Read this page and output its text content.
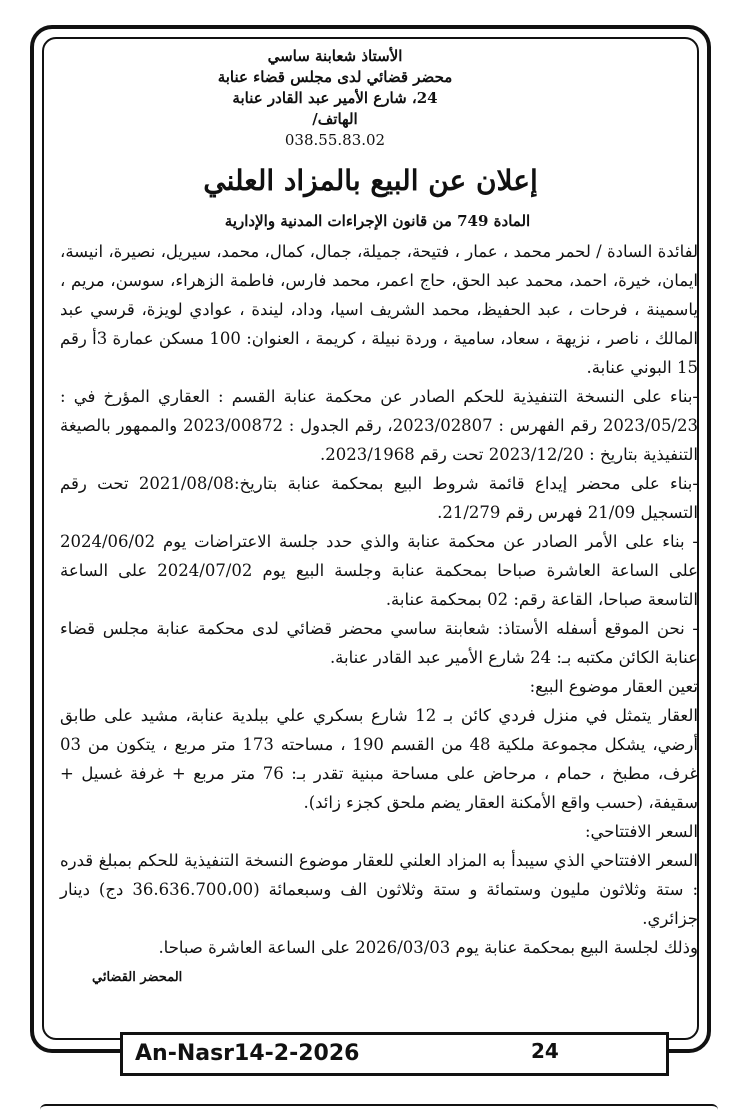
الأستاذ شعابنة ساسي
محضر قضائي لدى مجلس قضاء عنابة
24، شارع الأمير عبد القادر عنابة
الهاتف/
038.55.83.02
إعلان عن البيع بالمزاد العلني
المادة 749 من قانون الإجراءات المدنية والإدارية

لفائدة السادة / لحمر محمد ، عمار ، فتيحة، جميلة، جمال، كمال، محمد، سيريل، نصيرة، انيسة، ايمان، خيرة، احمد، محمد عبد الحق، حاج اعمر، محمد فارس، فاطمة الزهراء، سوسن، مريم ، ياسمينة ، فرحات ، عبد الحفيظ، محمد الشريف اسيا، وداد، ليندة ، عوادي لويزة، قرسي عبد المالك ، ناصر ، نزيهة ، سعاد، سامية ، وردة نبيلة ، كريمة ، العنوان: 100 مسكن عمارة 3أ رقم 15 البوني عنابة.

-بناء على النسخة التنفيذية للحكم الصادر عن محكمة عنابة القسم : العقاري المؤرخ في : 2023/05/23 رقم الفهرس : 2023/02807، رقم الجدول : 2023/00872 والممهور بالصيغة التنفيذية بتاريخ : 2023/12/20 تحت رقم 2023/1968.

-بناء على محضر إيداع قائمة شروط البيع بمحكمة عنابة بتاريخ:2021/08/08 تحت رقم التسجيل 21/09 فهرس رقم 21/279.

- بناء على الأمر الصادر عن محكمة عنابة والذي حدد جلسة الاعتراضات يوم 2024/06/02 على الساعة العاشرة صباحا بمحكمة عنابة وجلسة البيع يوم 2024/07/02 على الساعة التاسعة صباحا، القاعة رقم: 02 بمحكمة عنابة.

- نحن الموقع أسفله الأستاذ: شعابنة ساسي محضر قضائي لدى محكمة عنابة مجلس قضاء عنابة الكائن مكتبه بـ: 24 شارع الأمير عبد القادر عنابة.

تعين العقار موضوع البيع:

العقار يتمثل في منزل فردي كائن بـ 12 شارع بسكري علي ببلدية عنابة، مشيد على طابق أرضي، يشكل مجموعة ملكية 48 من القسم 190 ، مساحته 173 متر مربع ، يتكون من 03 غرف، مطبخ ، حمام ، مرحاض على مساحة مبنية تقدر بـ: 76 متر مربع + غرفة غسيل + سقيفة، (حسب واقع الأمكنة العقار يضم ملحق كجزء زائد).

السعر الافتتاحي:

السعر الافتتاحي الذي سيبدأ به المزاد العلني للعقار موضوع النسخة التنفيذية للحكم بمبلغ قدره : ستة وثلاثون مليون وستمائة و ستة وثلاثون الف وسبعمائة (36.636.700،00 دج) دينار جزائري.

وذلك لجلسة البيع بمحكمة عنابة يوم 2026/03/03 على الساعة العاشرة صباحا.

المحضر القضائي
An-Nasr14-2-2026	24
